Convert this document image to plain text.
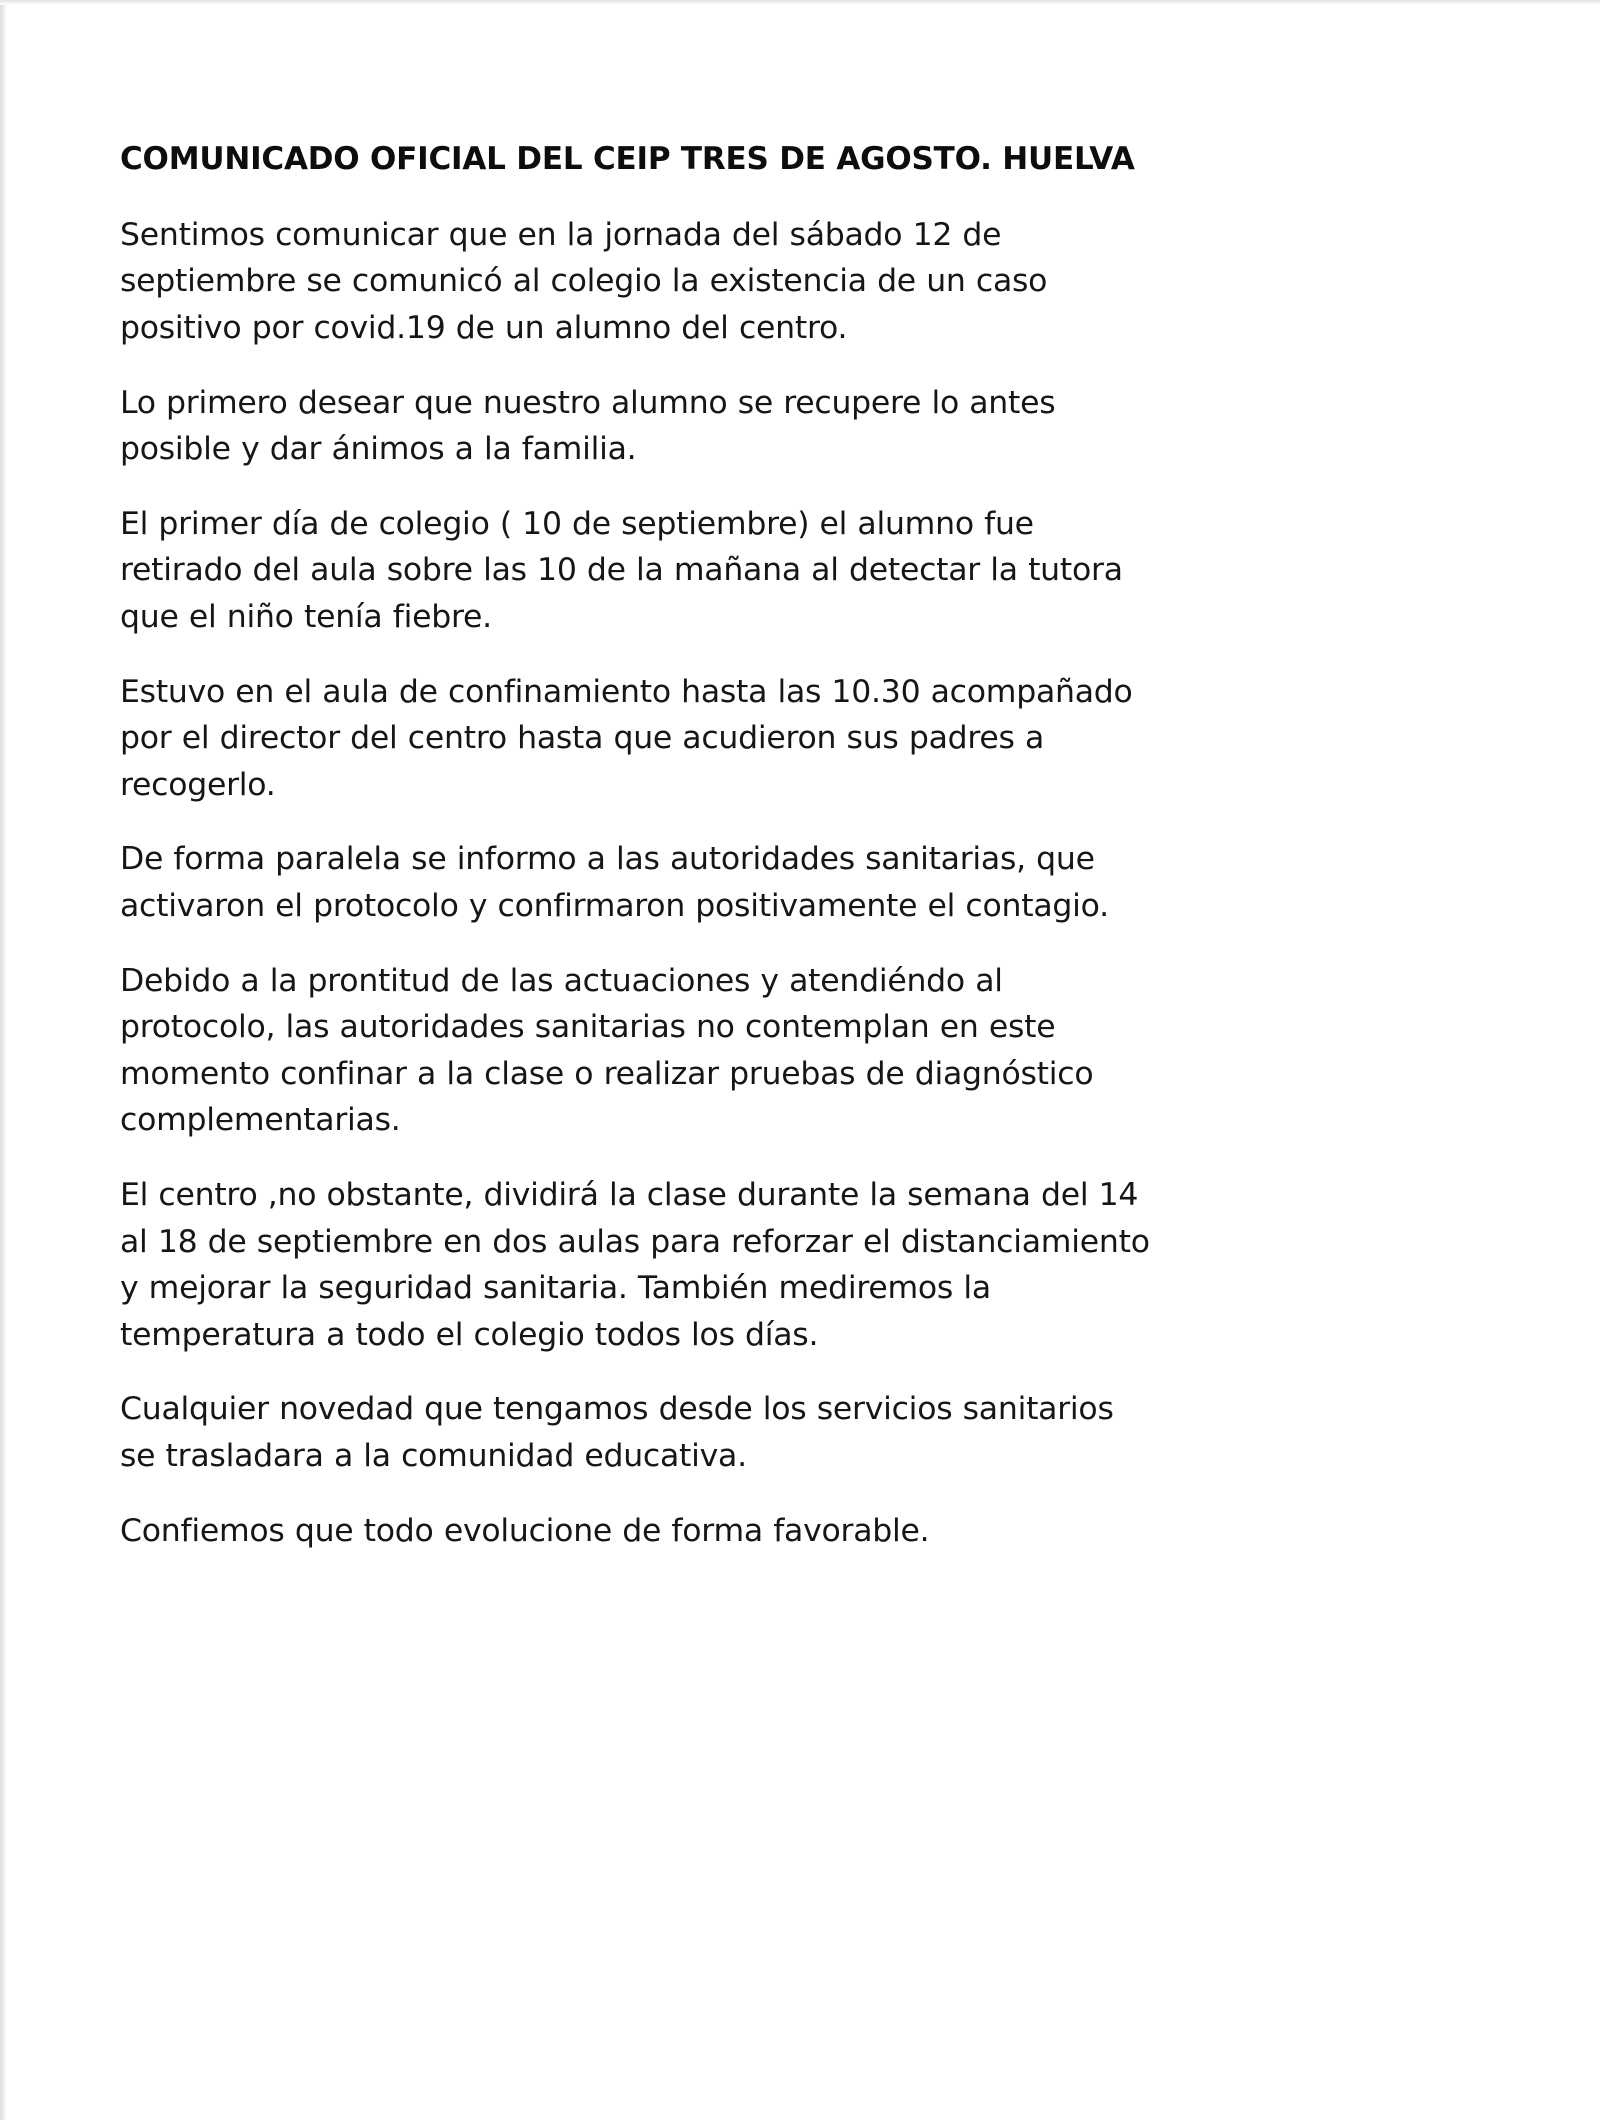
COMUNICADO OFICIAL DEL CEIP TRES DE AGOSTO. HUELVA

Sentimos comunicar que en la jornada del sábado 12 de septiembre se comunicó al colegio la existencia de un caso positivo por covid.19 de un alumno del centro.

Lo primero desear que nuestro alumno se recupere lo antes posible y dar ánimos a la familia.

El primer día de colegio ( 10 de septiembre) el alumno fue retirado del aula sobre las 10 de la mañana al detectar la tutora que el niño tenía fiebre.

Estuvo en el aula de confinamiento hasta las 10.30 acompañado por el director del centro hasta que acudieron sus padres a recogerlo.

De forma paralela se informo a las autoridades sanitarias, que activaron el protocolo y confirmaron positivamente el contagio.

Debido a la prontitud de las actuaciones y atendiéndo al protocolo, las autoridades sanitarias no contemplan en este momento confinar a la clase o realizar pruebas de diagnóstico complementarias.

El centro ,no obstante, dividirá la clase durante la semana del 14 al 18 de septiembre en dos aulas para reforzar el distanciamiento y mejorar la seguridad sanitaria. También mediremos la temperatura a todo el colegio todos los días.

Cualquier novedad que tengamos desde los servicios sanitarios se trasladara a la comunidad educativa.

Confiemos que todo evolucione de forma favorable.
